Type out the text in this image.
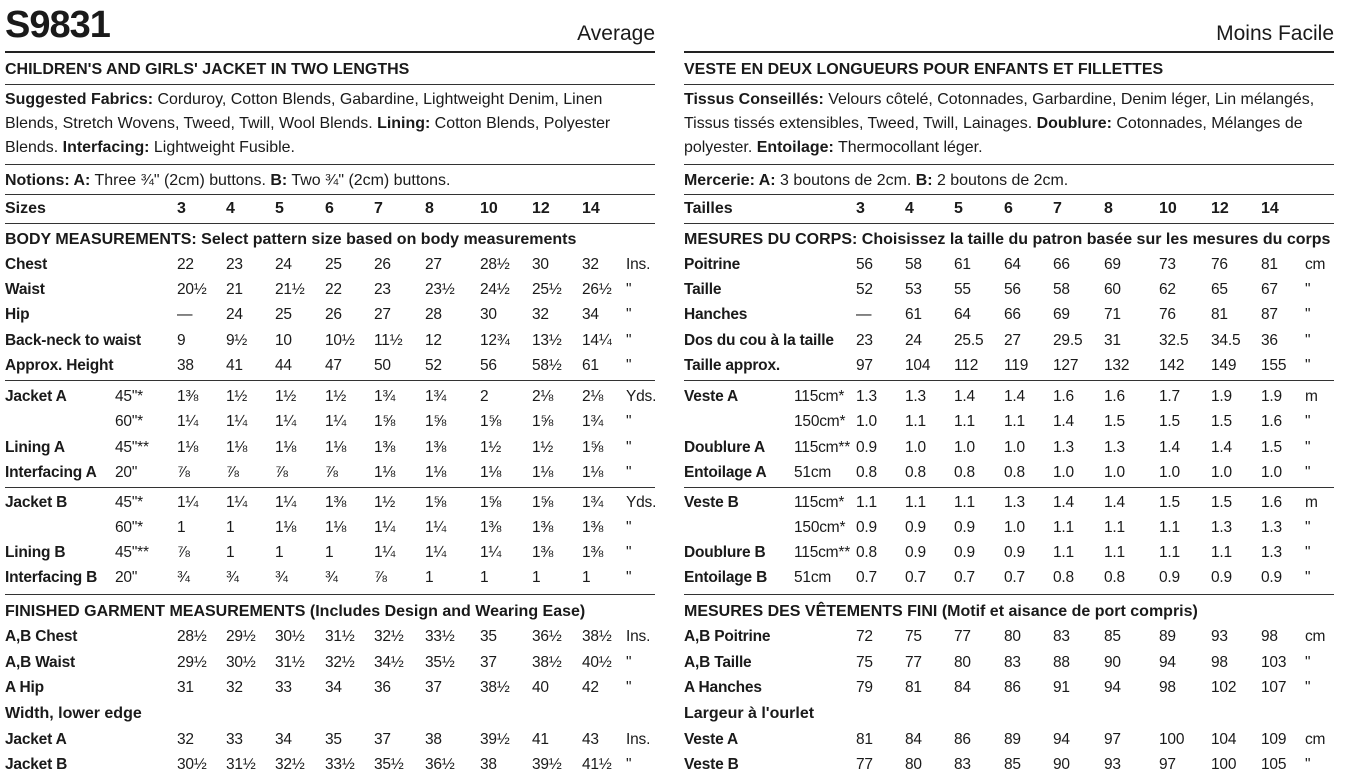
S9831	Average
CHILDREN'S AND GIRLS' JACKET IN TWO LENGTHS
Suggested Fabrics: Corduroy, Cotton Blends, Gabardine, Lightweight Denim, Linen
Blends, Stretch Wovens, Tweed, Twill, Wool Blends. Lining: Cotton Blends, Polyester
Blends. Interfacing: Lightweight Fusible.
Notions: A: Three ¾" (2cm) buttons. B: Two ¾" (2cm) buttons.
Sizes	3	4	5	6	7	8	10 12 14
BODY MEASUREMENTS: Select pattern size based on body measurements
Chest	22 23 24 25 26 27 28½ 30 32 Ins.
Waist	20½ 21 21½ 22 23 23½ 24½ 25½ 26½ "
Hip	— 24 25 26 27 28 30 32 34 "
Back-neck to waist 9	9½ 10 10½ 11½ 12 12¾ 13½ 14¼ "
Approx. Height	38 41 44 47 50 52 56 58½ 61 "
Jacket A	45"* 1⅜ 1½ 1½ 1½ 1¾ 1¾ 2	2⅛ 2⅛ Yds.
60"* 1¼ 1¼ 1¼ 1¼ 1⅝ 1⅝ 1⅝ 1⅝ 1¾ "
Lining A	45"** 1⅛ 1⅛ 1⅛ 1⅛ 1⅜ 1⅜ 1½ 1½ 1⅝ "
Interfacing A 20"	⅞ ⅞ ⅞ ⅞ 1⅛ 1⅛ 1⅛ 1⅛ 1⅛ "
Jacket B	45"* 1¼ 1¼ 1¼ 1⅜ 1½ 1⅝ 1⅝ 1⅝ 1¾ Yds.
60"* 1	1	1⅛ 1⅛ 1¼ 1¼ 1⅜ 1⅜ 1⅜ "
Lining B	45"** ⅞ 1	1	1	1¼ 1¼ 1¼ 1⅜ 1⅜ "
Interfacing B 20"	¾ ¾ ¾ ¾ ⅞ 1	1	1	1 "
FINISHED GARMENT MEASUREMENTS (Includes Design and Wearing Ease)
A,B Chest	28½ 29½ 30½ 31½ 32½ 33½ 35 36½ 38½ Ins.
A,B Waist	29½ 30½ 31½ 32½ 34½ 35½ 37 38½ 40½ "
A Hip	31 32 33 34 36 37 38½ 40 42 "
Width, lower edge
Jacket A	32 33 34 35 37 38 39½ 41 43 Ins.
Jacket B	30½ 31½ 32½ 33½ 35½ 36½ 38 39½ 41½ "
Moins Facile
VESTE EN DEUX LONGUEURS POUR ENFANTS ET FILLETTES
Tissus Conseillés: Velours côtelé, Cotonnades, Garbardine, Denim léger, Lin mélangés,
Tissus tissés extensibles, Tweed, Twill, Lainages. Doublure: Cotonnades, Mélanges de
polyester. Entoilage: Thermocollant léger.
Mercerie: A: 3 boutons de 2cm. B: 2 boutons de 2cm.
Tailles	3	4	5	6	7	8	10 12 14
MESURES DU CORPS: Choisissez la taille du patron basée sur les mesures du corps
Poitrine	56 58 61 64 66 69 73 76 81 cm
Taille	52 53 55 56 58 60 62 65 67 "
Hanches	— 61 64 66 69 71 76 81 87 "
Dos du cou à la taille 23 24 25.5 27 29.5 31 32.5 34.5 36 "
Taille approx.	97 104 112 119 127 132 142 149 155 "
Veste A	115cm* 1.3 1.3 1.4 1.4 1.6 1.6 1.7 1.9 1.9 m
150cm* 1.0 1.1 1.1 1.1 1.4 1.5 1.5 1.5 1.6 "
Doublure A 115cm** 0.9 1.0 1.0 1.0 1.3 1.3 1.4 1.4 1.5 "
Entoilage A 51cm 0.8 0.8 0.8 0.8 1.0 1.0 1.0 1.0 1.0 "
Veste B	115cm* 1.1 1.1 1.1 1.3 1.4 1.4 1.5 1.5 1.6 m
150cm* 0.9 0.9 0.9 1.0 1.1 1.1 1.1 1.3 1.3 "
Doublure B 115cm** 0.8 0.9 0.9 0.9 1.1 1.1 1.1 1.1 1.3 "
Entoilage B 51cm 0.7 0.7 0.7 0.7 0.8 0.8 0.9 0.9 0.9 "
MESURES DES VÊTEMENTS FINI (Motif et aisance de port compris)
A,B Poitrine	72 75 77 80 83 85 89 93 98 cm
A,B Taille	75 77 80 83 88 90 94 98 103 "
A Hanches	79 81 84 86 91 94 98 102 107 "
Largeur à l'ourlet
Veste A	81 84 86 89 94 97 100 104 109 cm
Veste B	77 80 83 85 90 93 97 100 105 "
